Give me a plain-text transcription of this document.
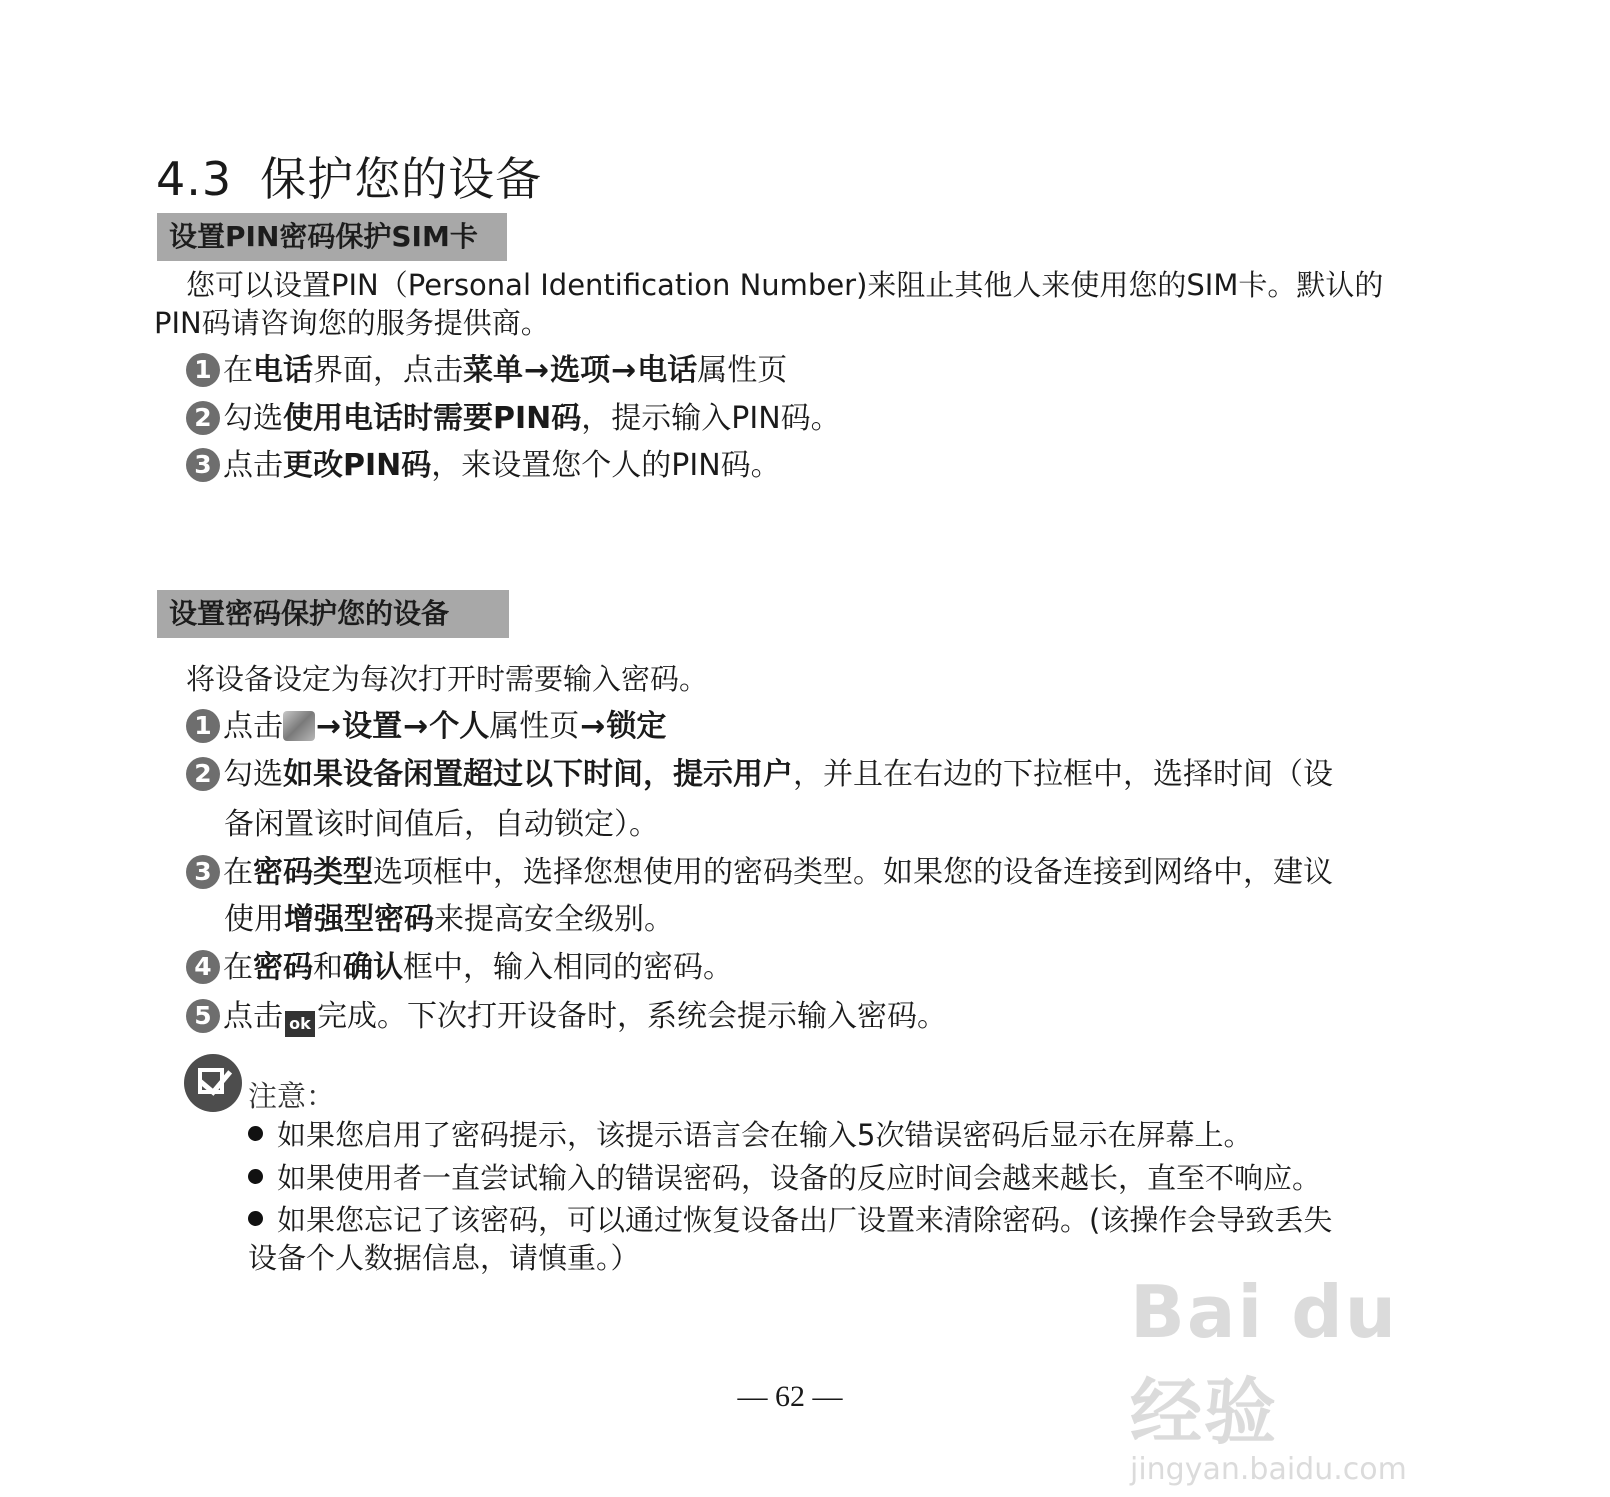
4.3 保护您的设备
设置PIN密码保护SIM卡
您可以设置PIN（Personal Identification Number)来阻止其他人来使用您的SIM卡。默认的
PIN码请咨询您的服务提供商。
1 在电话界面，点击菜单→选项→电话属性页
2 勾选使用电话时需要PIN码，提示输入PIN码。
3 点击更改PIN码，来设置您个人的PIN码。
设置密码保护您的设备
将设备设定为每次打开时需要输入密码。
1 点击 →设置→个人属性页→锁定
2 勾选如果设备闲置超过以下时间，提示用户，并且在右边的下拉框中，选择时间（设
备闲置该时间值后，自动锁定）。
3 在密码类型选项框中，选择您想使用的密码类型。如果您的设备连接到网络中，建议
使用增强型密码来提高安全级别。
4 在密码和确认框中，输入相同的密码。
5 点击 ok 完成。下次打开设备时，系统会提示输入密码。
注意：
如果您启用了密码提示，该提示语言会在输入5次错误密码后显示在屏幕上。
如果使用者一直尝试输入的错误密码，设备的反应时间会越来越长，直至不响应。
如果您忘记了该密码，可以通过恢复设备出厂设置来清除密码。(该操作会导致丢失
设备个人数据信息，请慎重。）
Bai du 经验
jingyan.baidu.com
— 62 —
